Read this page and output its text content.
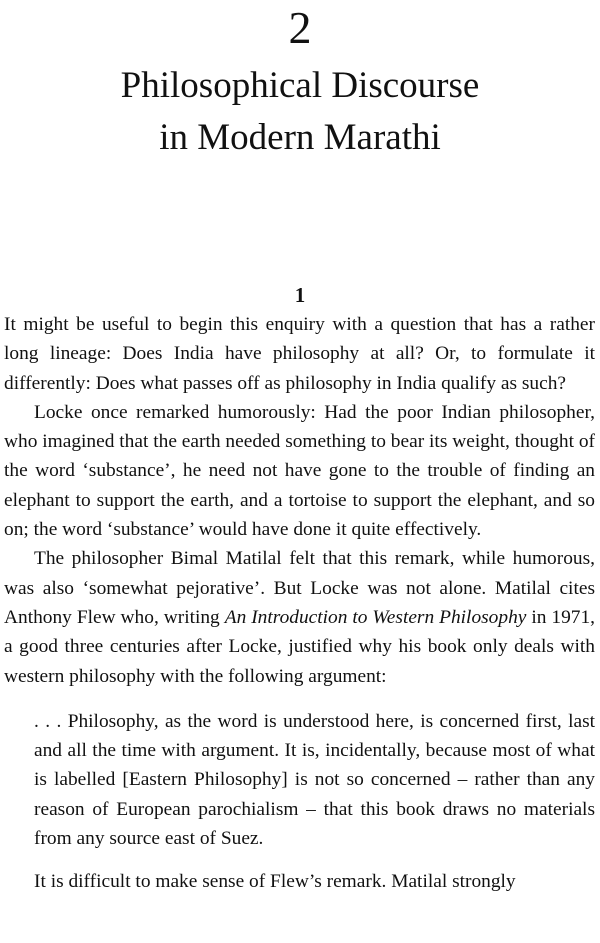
2
Philosophical Discourse
in Modern Marathi
1

It might be useful to begin this enquiry with a question that has a rather long lineage: Does India have philosophy at all? Or, to formulate it differently: Does what passes off as philosophy in India qualify as such?

Locke once remarked humorously: Had the poor Indian philosopher, who imagined that the earth needed something to bear its weight, thought of the word ‘substance’, he need not have gone to the trouble of finding an elephant to support the earth, and a tortoise to support the elephant, and so on; the word ‘substance’ would have done it quite effectively.

The philosopher Bimal Matilal felt that this remark, while humorous, was also ‘somewhat pejorative’. But Locke was not alone. Matilal cites Anthony Flew who, writing An Introduction to Western Philosophy in 1971, a good three centuries after Locke, justified why his book only deals with western philosophy with the following argument:

. . . Philosophy, as the word is understood here, is concerned first, last and all the time with argument. It is, incidentally, because most of what is labelled [Eastern Philosophy] is not so concerned – rather than any reason of European parochialism – that this book draws no materials from any source east of Suez.

It is difficult to make sense of Flew’s remark. Matilal strongly
